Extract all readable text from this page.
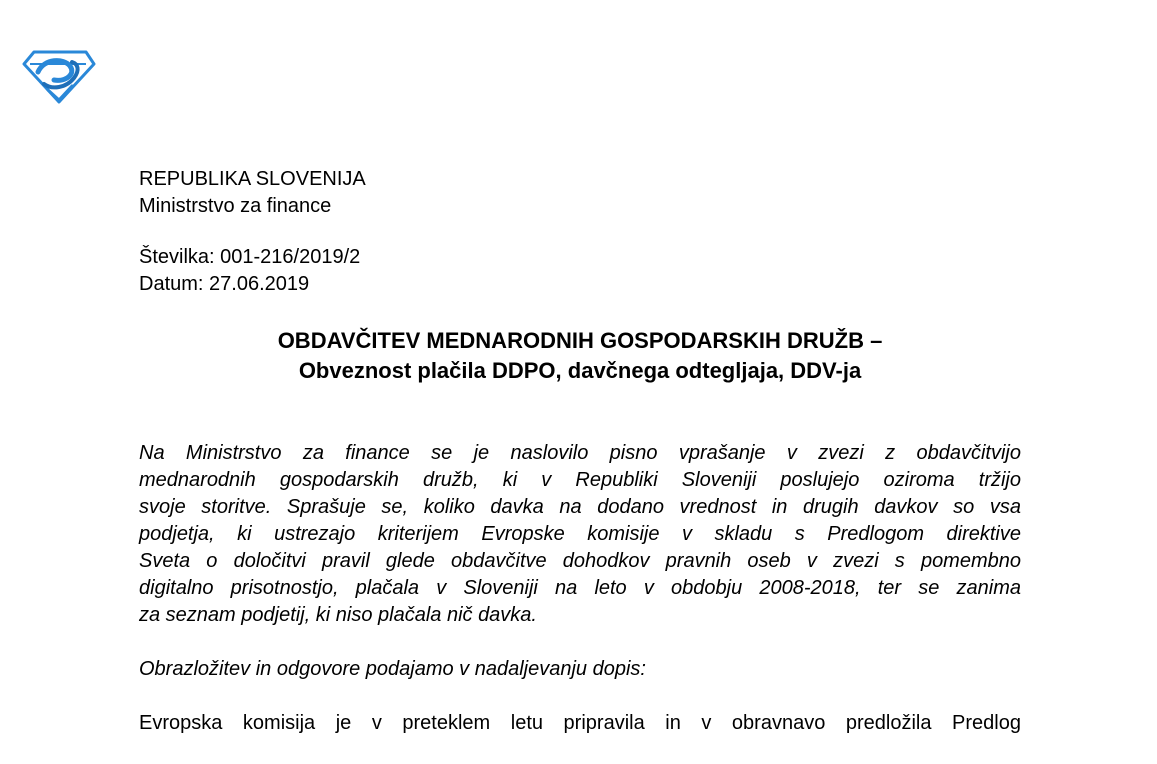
REPUBLIKA SLOVENIJA
Ministrstvo za finance
Številka: 001-216/2019/2
Datum: 27.06.2019
OBDAVČITEV MEDNARODNIH GOSPODARSKIH DRUŽB –
Obveznost plačila DDPO, davčnega odtegljaja, DDV-ja
Na Ministrstvo za finance se je naslovilo pisno vprašanje v zvezi z obdavčitvijo
mednarodnih gospodarskih družb, ki v Republiki Sloveniji poslujejo oziroma tržijo
svoje storitve. Sprašuje se, koliko davka na dodano vrednost in drugih davkov so vsa
podjetja, ki ustrezajo kriterijem Evropske komisije v skladu s Predlogom direktive
Sveta o določitvi pravil glede obdavčitve dohodkov pravnih oseb v zvezi s pomembno
digitalno prisotnostjo, plačala v Sloveniji na leto v obdobju 2008-2018, ter se zanima
za seznam podjetij, ki niso plačala nič davka.
Obrazložitev in odgovore podajamo v nadaljevanju dopis:
Evropska komisija je v preteklem letu pripravila in v obravnavo predložila Predlog
